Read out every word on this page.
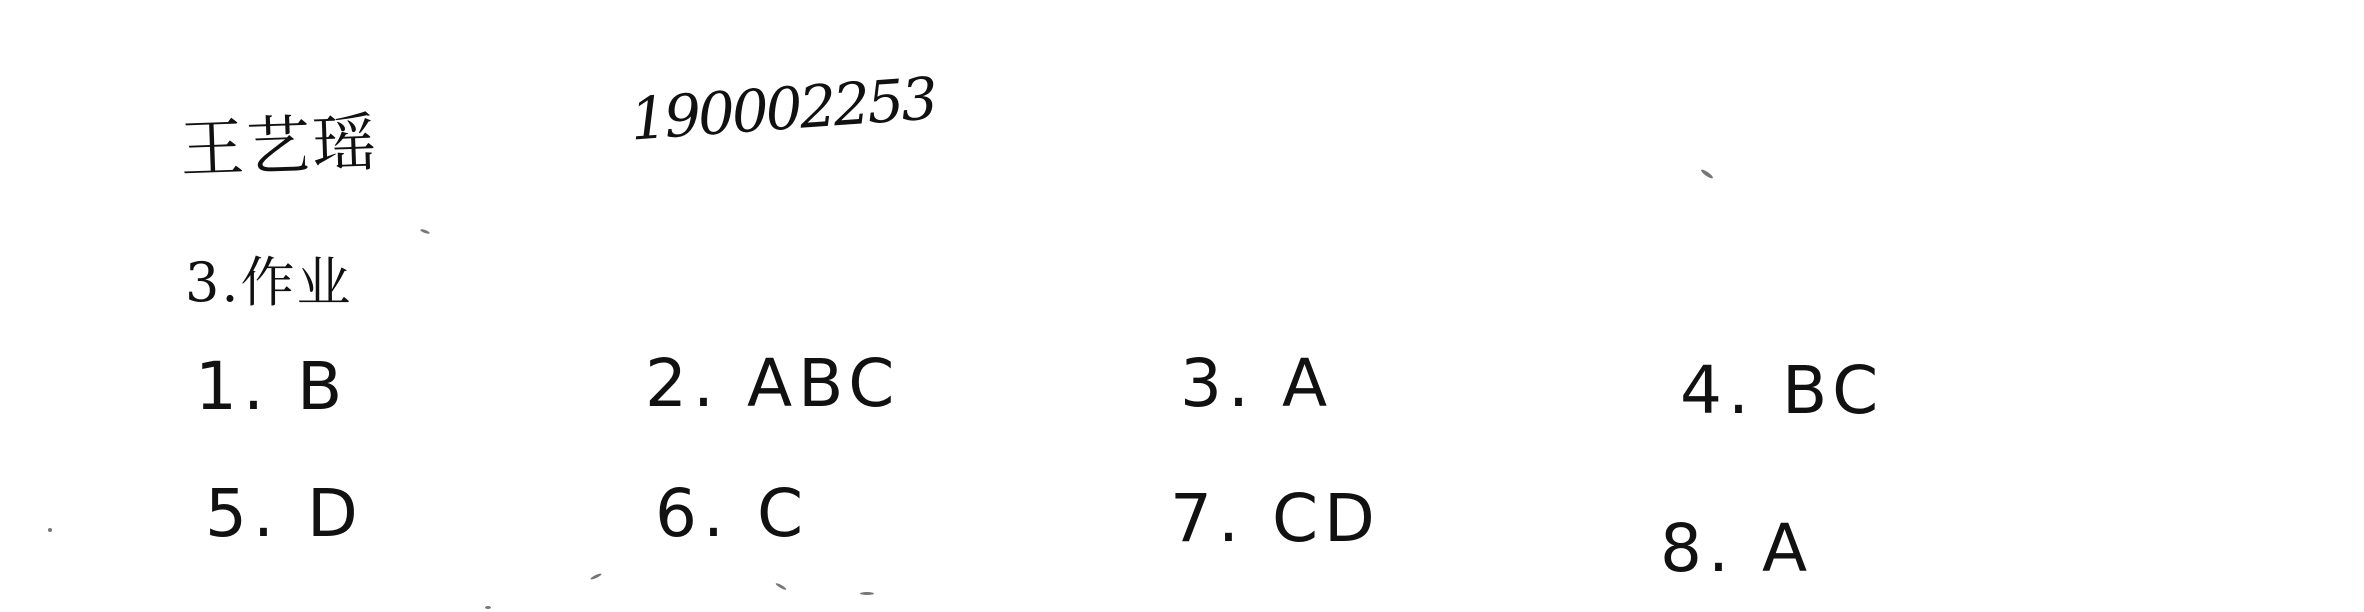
王艺瑶	190002253
3.作业
1. B	2. ABC	3. A	4. BC
5. D	6. C	7. CD	8. A
